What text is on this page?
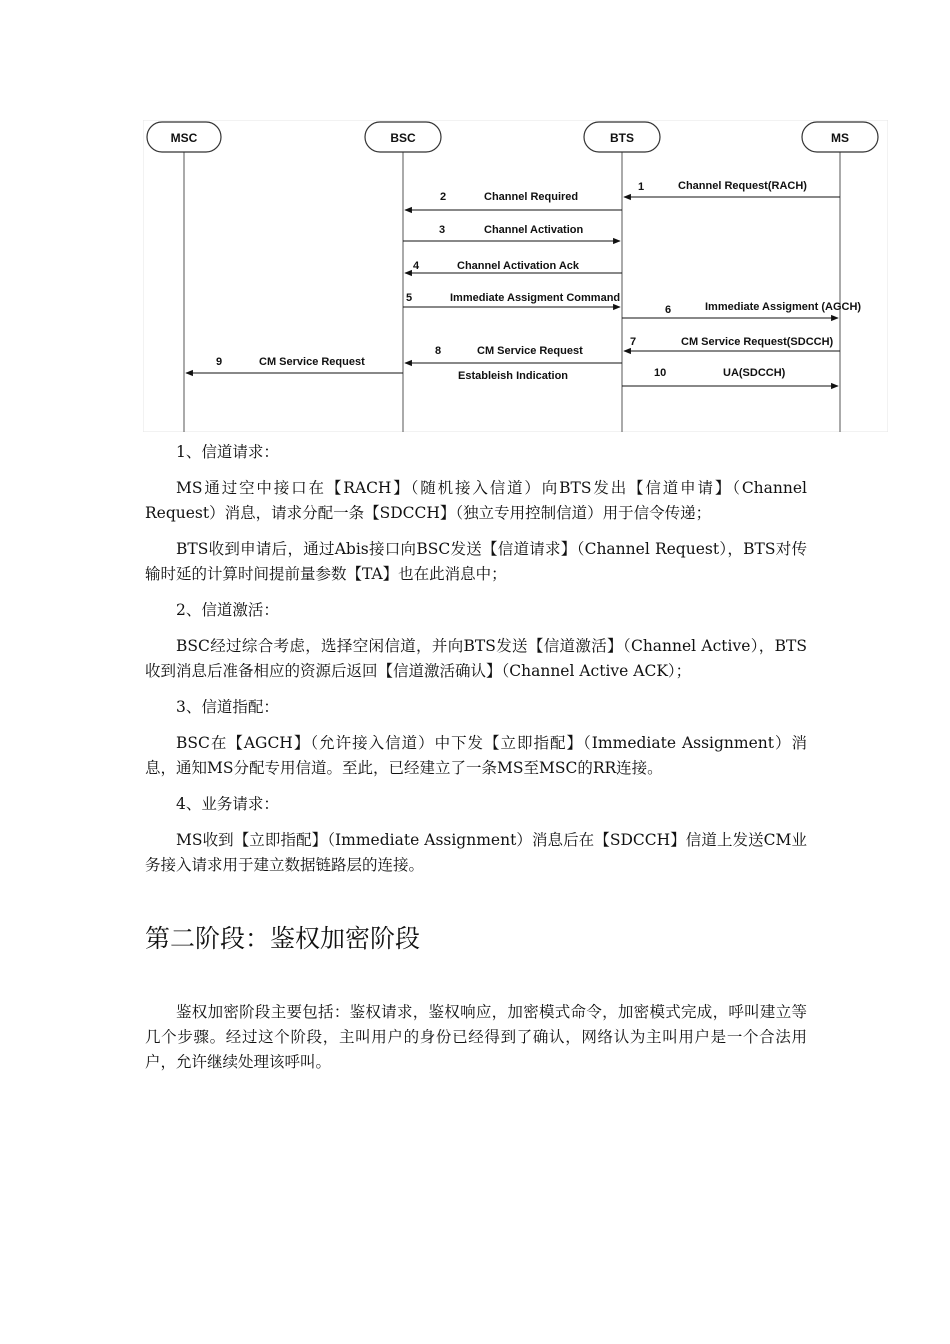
MSC	BSC	BTS	MS
1	Channel Request(RACH)
2	Channel Required
3	Channel Activation
4	Channel Activation Ack
5	Immediate Assigment Command
6	Immediate Assigment (AGCH)
7	CM Service Request(SDCCH)
8	CM Service Request
Estableish Indication
9	CM Service Request
10	UA(SDCCH)
1、信道请求：

MS通过空中接口在【RACH】（随机接入信道）向BTS发出【信道申请】（Channel Request）消息，请求分配一条【SDCCH】（独立专用控制信道）用于信令传递；

BTS收到申请后，通过Abis接口向BSC发送【信道请求】（Channel Request），BTS对传输时延的计算时间提前量参数【TA】也在此消息中；

2、信道激活：

BSC经过综合考虑，选择空闲信道，并向BTS发送【信道激活】（Channel Active），BTS收到消息后准备相应的资源后返回【信道激活确认】（Channel Active ACK）；

3、信道指配：

BSC在【AGCH】（允许接入信道）中下发【立即指配】（Immediate Assignment）消息，通知MS分配专用信道。至此，已经建立了一条MS至MSC的RR连接。

4、业务请求：

MS收到【立即指配】（Immediate Assignment）消息后在【SDCCH】信道上发送CM业务接入请求用于建立数据链路层的连接。

第二阶段：鉴权加密阶段

鉴权加密阶段主要包括：鉴权请求，鉴权响应，加密模式命令，加密模式完成，呼叫建立等几个步骤。经过这个阶段，主叫用户的身份已经得到了确认，网络认为主叫用户是一个合法用户，允许继续处理该呼叫。
